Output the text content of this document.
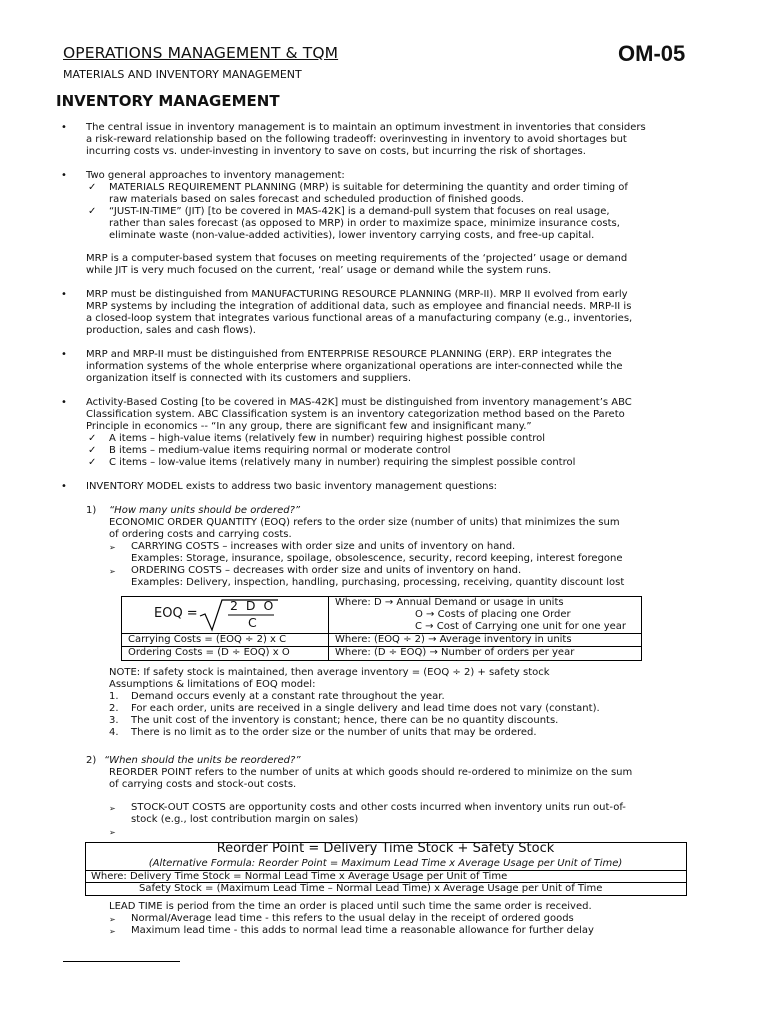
OPERATIONS MANAGEMENT & TQM	OM-05
MATERIALS AND INVENTORY MANAGEMENT
INVENTORY MANAGEMENT
• The central issue in inventory management is to maintain an optimum investment in inventories that considers
a risk-reward relationship based on the following tradeoff: overinvesting in inventory to avoid shortages but
incurring costs vs. under-investing in inventory to save on costs, but incurring the risk of shortages.
• Two general approaches to inventory management:
✓ MATERIALS REQUIREMENT PLANNING (MRP) is suitable for determining the quantity and order timing of
raw materials based on sales forecast and scheduled production of finished goods.
✓ “JUST-IN-TIME” (JIT) [to be covered in MAS-42K] is a demand-pull system that focuses on real usage,
rather than sales forecast (as opposed to MRP) in order to maximize space, minimize insurance costs,
eliminate waste (non-value-added activities), lower inventory carrying costs, and free-up capital.
MRP is a computer-based system that focuses on meeting requirements of the ‘projected’ usage or demand
while JIT is very much focused on the current, ‘real’ usage or demand while the system runs.
• MRP must be distinguished from MANUFACTURING RESOURCE PLANNING (MRP-II). MRP II evolved from early
MRP systems by including the integration of additional data, such as employee and financial needs. MRP-II is
a closed-loop system that integrates various functional areas of a manufacturing company (e.g., inventories,
production, sales and cash flows).
• MRP and MRP-II must be distinguished from ENTERPRISE RESOURCE PLANNING (ERP). ERP integrates the
information systems of the whole enterprise where organizational operations are inter-connected while the
organization itself is connected with its customers and suppliers.
• Activity-Based Costing [to be covered in MAS-42K] must be distinguished from inventory management’s ABC
Classification system. ABC Classification system is an inventory categorization method based on the Pareto
Principle in economics -- “In any group, there are significant few and insignificant many.”
✓ A items – high-value items (relatively few in number) requiring highest possible control
✓ B items – medium-value items requiring normal or moderate control
✓ C items – low-value items (relatively many in number) requiring the simplest possible control
• INVENTORY MODEL exists to address two basic inventory management questions:
1) “How many units should be ordered?”
ECONOMIC ORDER QUANTITY (EOQ) refers to the order size (number of units) that minimizes the sum
of ordering costs and carrying costs.
➢ CARRYING COSTS – increases with order size and units of inventory on hand.
Examples: Storage, insurance, spoilage, obsolescence, security, record keeping, interest foregone
➢ ORDERING COSTS – decreases with order size and units of inventory on hand.
Examples: Delivery, inspection, handling, purchasing, processing, receiving, quantity discount lost
EOQ =
2 D O
C
Where: D → Annual Demand or usage in units
O → Costs of placing one Order
C → Cost of Carrying one unit for one year
Carrying Costs = (EOQ ÷ 2) x C	Where: (EOQ ÷ 2) → Average inventory in units
Ordering Costs = (D ÷ EOQ) x O	Where: (D ÷ EOQ) → Number of orders per year
NOTE: If safety stock is maintained, then average inventory = (EOQ ÷ 2) + safety stock
Assumptions & limitations of EOQ model:
1. Demand occurs evenly at a constant rate throughout the year.
2. For each order, units are received in a single delivery and lead time does not vary (constant).
3. The unit cost of the inventory is constant; hence, there can be no quantity discounts.
4. There is no limit as to the order size or the number of units that may be ordered.
2) “When should the units be reordered?”
REORDER POINT refers to the number of units at which goods should re-ordered to minimize on the sum
of carrying costs and stock-out costs.
➢ STOCK-OUT COSTS are opportunity costs and other costs incurred when inventory units run out-of-
stock (e.g., lost contribution margin on sales)
➢
Reorder Point = Delivery Time Stock + Safety Stock
(Alternative Formula: Reorder Point = Maximum Lead Time x Average Usage per Unit of Time)
Where: Delivery Time Stock = Normal Lead Time x Average Usage per Unit of Time
Safety Stock = (Maximum Lead Time – Normal Lead Time) x Average Usage per Unit of Time
LEAD TIME is period from the time an order is placed until such time the same order is received.
➢ Normal/Average lead time - this refers to the usual delay in the receipt of ordered goods
➢ Maximum lead time - this adds to normal lead time a reasonable allowance for further delay
